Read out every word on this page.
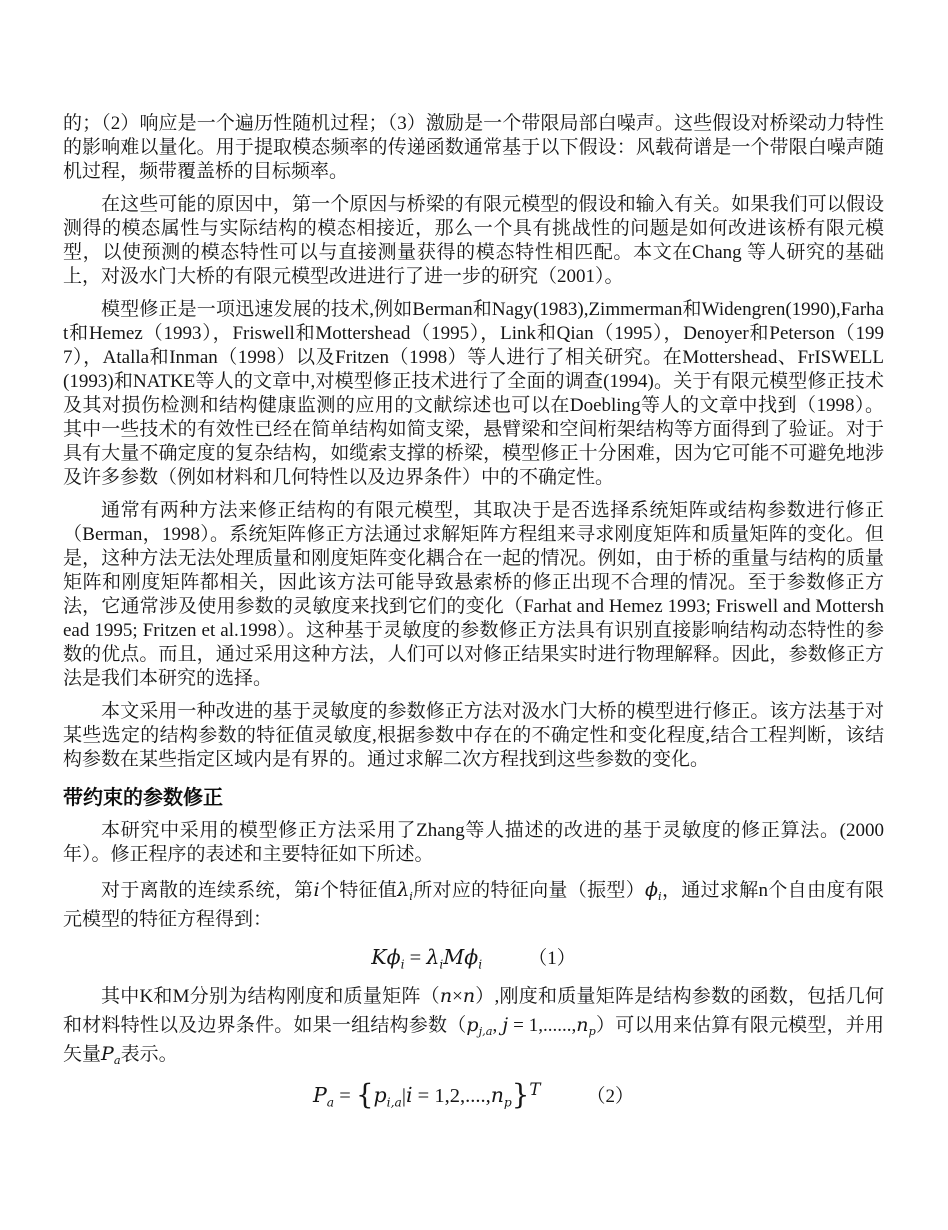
的；（2）响应是一个遍历性随机过程；（3）激励是一个带限局部白噪声。这些假设对桥梁动力特性的影响难以量化。用于提取模态频率的传递函数通常基于以下假设：风载荷谱是一个带限白噪声随机过程，频带覆盖桥的目标频率。

在这些可能的原因中，第一个原因与桥梁的有限元模型的假设和输入有关。如果我们可以假设测得的模态属性与实际结构的模态相接近，那么一个具有挑战性的问题是如何改进该桥有限元模型，以使预测的模态特性可以与直接测量获得的模态特性相匹配。本文在Chang 等人研究的基础上，对汲水门大桥的有限元模型改进进行了进一步的研究（2001）。

模型修正是一项迅速发展的技术,例如Berman和Nagy(1983),Zimmerman和Widengren(1990),Farhat和Hemez（1993），Friswell和Mottershead（1995），Link和Qian（1995），Denoyer和Peterson（1997），Atalla和Inman（1998）以及Fritzen（1998）等人进行了相关研究。在Mottershead、FrISWELL(1993)和NATKE等人的文章中,对模型修正技术进行了全面的调查(1994)。关于有限元模型修正技术及其对损伤检测和结构健康监测的应用的文献综述也可以在Doebling等人的文章中找到（1998）。其中一些技术的有效性已经在简单结构如简支梁，悬臂梁和空间桁架结构等方面得到了验证。对于具有大量不确定度的复杂结构，如缆索支撑的桥梁，模型修正十分困难，因为它可能不可避免地涉及许多参数（例如材料和几何特性以及边界条件）中的不确定性。

通常有两种方法来修正结构的有限元模型，其取决于是否选择系统矩阵或结构参数进行修正（Berman，1998）。系统矩阵修正方法通过求解矩阵方程组来寻求刚度矩阵和质量矩阵的变化。但是，这种方法无法处理质量和刚度矩阵变化耦合在一起的情况。例如，由于桥的重量与结构的质量矩阵和刚度矩阵都相关，因此该方法可能导致悬索桥的修正出现不合理的情况。至于参数修正方法，它通常涉及使用参数的灵敏度来找到它们的变化（Farhat and Hemez 1993; Friswell and Mottershead 1995; Fritzen et al.1998）。这种基于灵敏度的参数修正方法具有识别直接影响结构动态特性的参数的优点。而且，通过采用这种方法，人们可以对修正结果实时进行物理解释。因此，参数修正方法是我们本研究的选择。

本文采用一种改进的基于灵敏度的参数修正方法对汲水门大桥的模型进行修正。该方法基于对某些选定的结构参数的特征值灵敏度,根据参数中存在的不确定性和变化程度,结合工程判断，该结构参数在某些指定区域内是有界的。通过求解二次方程找到这些参数的变化。

带约束的参数修正

本研究中采用的模型修正方法采用了Zhang等人描述的改进的基于灵敏度的修正算法。(2000年）。修正程序的表述和主要特征如下所述。

对于离散的连续系统，第i个特征值$\lambda_i$所对应的特征向量（振型）$\phi_i$，通过求解n个自由度有限元模型的特征方程得到：

$K\phi_i = \lambda_iM\phi_i$ （1）

其中K和M分别为结构刚度和质量矩阵（n×n）,刚度和质量矩阵是结构参数的函数，包括几何和材料特性以及边界条件。如果一组结构参数（$p_{j,a}$, $j = 1,......,n_p$）可以用来估算有限元模型，并用矢量$P_a$表示。

$P_a = \{p_{i,a}|i = 1,2,....,n_p\}^T$ （2）
